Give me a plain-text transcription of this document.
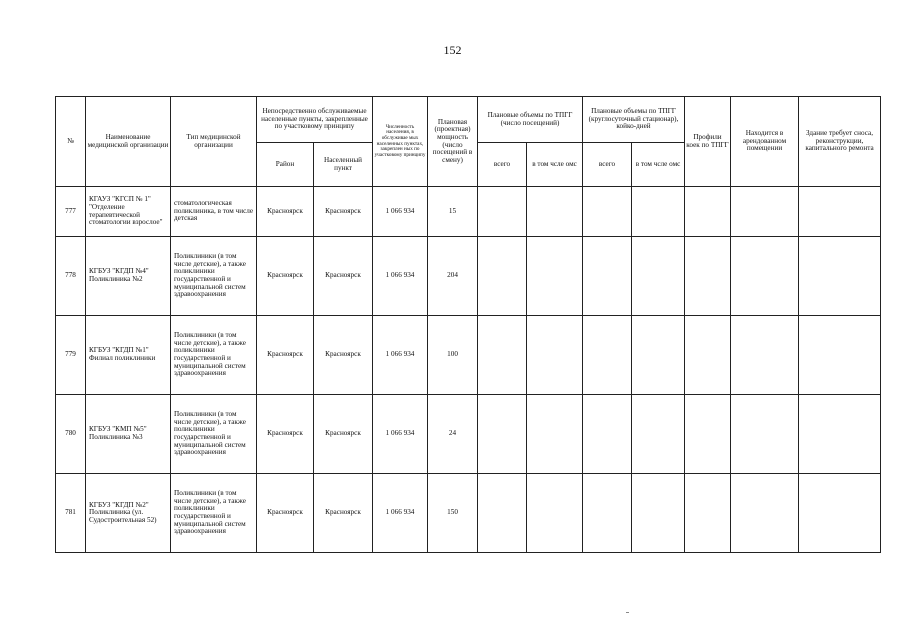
152
№	Наименование медицинской организации	Тип медицинской организации	Непосредственно обслуживаемые населенные пункты, закрепленные по участковому принципу		Численность населения, в обслуживае мых населенных пунктах, закреплен ных по участковому принципу	Плановая (проектная) мощность (число посещений в смену)	Плановые объемы по ТПГГ (число посещений)		Плановые объемы по ТПГГ (круглосуточный стационар), койко-дней		Профили коек по ТПГГ	Находится в арендованном помещении	Здание требует сноса, реконструкции, капитального ремонта
			Район	Населенный пункт			всего	в том чсле омс	всего	в том чсле омс			
777	КГАУЗ "КГСП № 1" "Отделение терапевтической стоматологии взрослое"	стоматологическая поликлиника, в том числе детская	Красноярск	Красноярск	1 066 934	15							
778	КГБУЗ "КГДП №4" Поликлиника №2	Поликлиники (в том числе детские), а также поликлиники государственной и муниципальной систем здравоохранения	Красноярск	Красноярск	1 066 934	204							
779	КГБУЗ "КГДП №1" Филиал поликлиники	Поликлиники (в том числе детские), а также поликлиники государственной и муниципальной систем здравоохранения	Красноярск	Красноярск	1 066 934	100							
780	КГБУЗ "КМП №5" Поликлиника №3	Поликлиники (в том числе детские), а также поликлиники государственной и муниципальной систем здравоохранения	Красноярск	Красноярск	1 066 934	24							
781	КГБУЗ "КГДП №2" Поликлиника (ул. Судостроительная 52)	Поликлиники (в том числе детские), а также поликлиники государственной и муниципальной систем здравоохранения	Красноярск	Красноярск	1 066 934	150							
